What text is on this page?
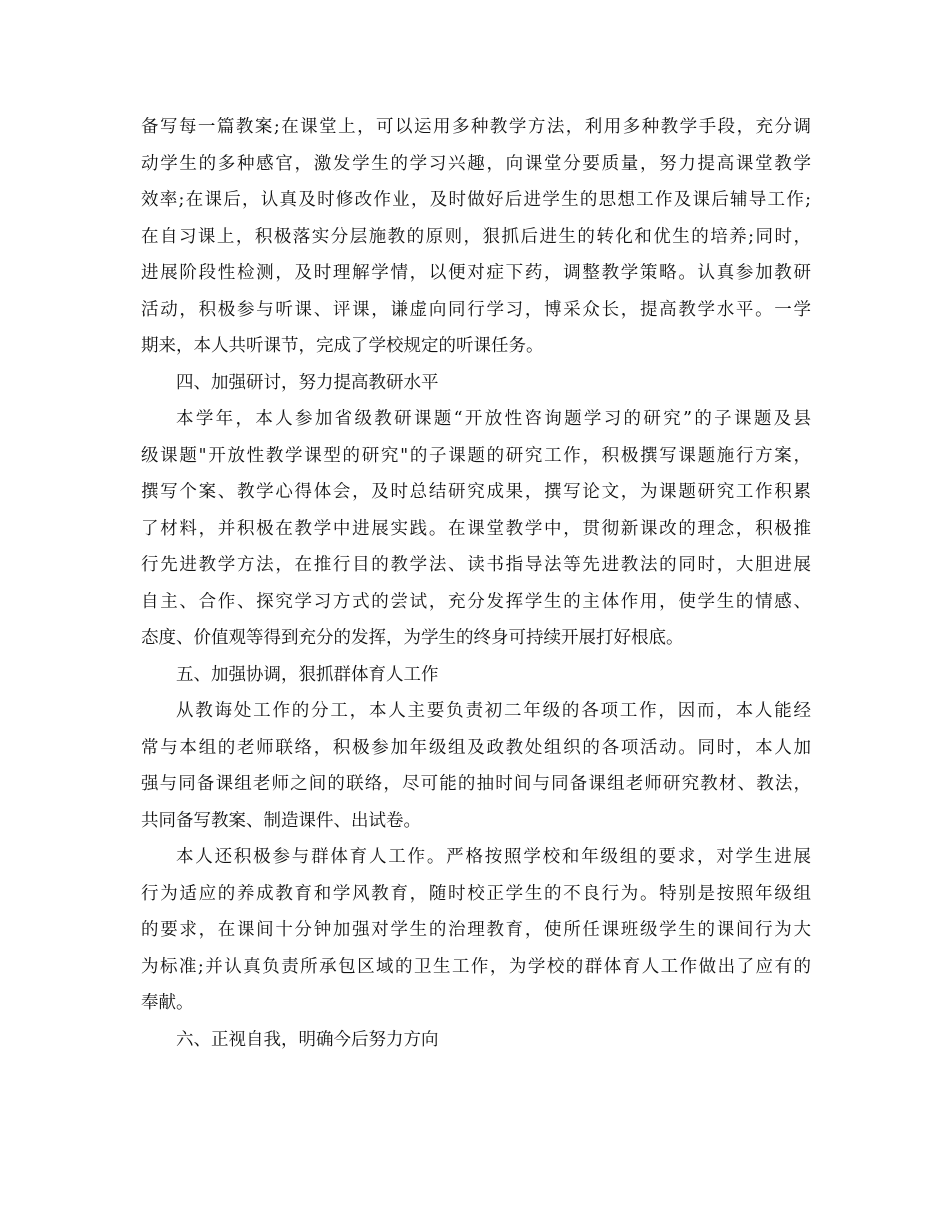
备写每一篇教案;在课堂上，可以运用多种教学方法，利用多种教学手段，充分调
动学生的多种感官，激发学生的学习兴趣，向课堂分要质量，努力提高课堂教学
效率;在课后，认真及时修改作业，及时做好后进学生的思想工作及课后辅导工作;
在自习课上，积极落实分层施教的原则，狠抓后进生的转化和优生的培养;同时，
进展阶段性检测，及时理解学情，以便对症下药，调整教学策略。认真参加教研
活动，积极参与听课、评课，谦虚向同行学习，博采众长，提高教学水平。一学
期来，本人共听课节，完成了学校规定的听课任务。
四、加强研讨，努力提高教研水平
本学年，本人参加省级教研课题“开放性咨询题学习的研究”的子课题及县
级课题"开放性教学课型的研究"的子课题的研究工作，积极撰写课题施行方案，
撰写个案、教学心得体会，及时总结研究成果，撰写论文，为课题研究工作积累
了材料，并积极在教学中进展实践。在课堂教学中，贯彻新课改的理念，积极推
行先进教学方法，在推行目的教学法、读书指导法等先进教法的同时，大胆进展
自主、合作、探究学习方式的尝试，充分发挥学生的主体作用，使学生的情感、
态度、价值观等得到充分的发挥，为学生的终身可持续开展打好根底。
五、加强协调，狠抓群体育人工作
从教诲处工作的分工，本人主要负责初二年级的各项工作，因而，本人能经
常与本组的老师联络，积极参加年级组及政教处组织的各项活动。同时，本人加
强与同备课组老师之间的联络，尽可能的抽时间与同备课组老师研究教材、教法，
共同备写教案、制造课件、出试卷。
本人还积极参与群体育人工作。严格按照学校和年级组的要求，对学生进展
行为适应的养成教育和学风教育，随时校正学生的不良行为。特别是按照年级组
的要求，在课间十分钟加强对学生的治理教育，使所任课班级学生的课间行为大
为标准;并认真负责所承包区域的卫生工作，为学校的群体育人工作做出了应有的
奉献。
六、正视自我，明确今后努力方向
